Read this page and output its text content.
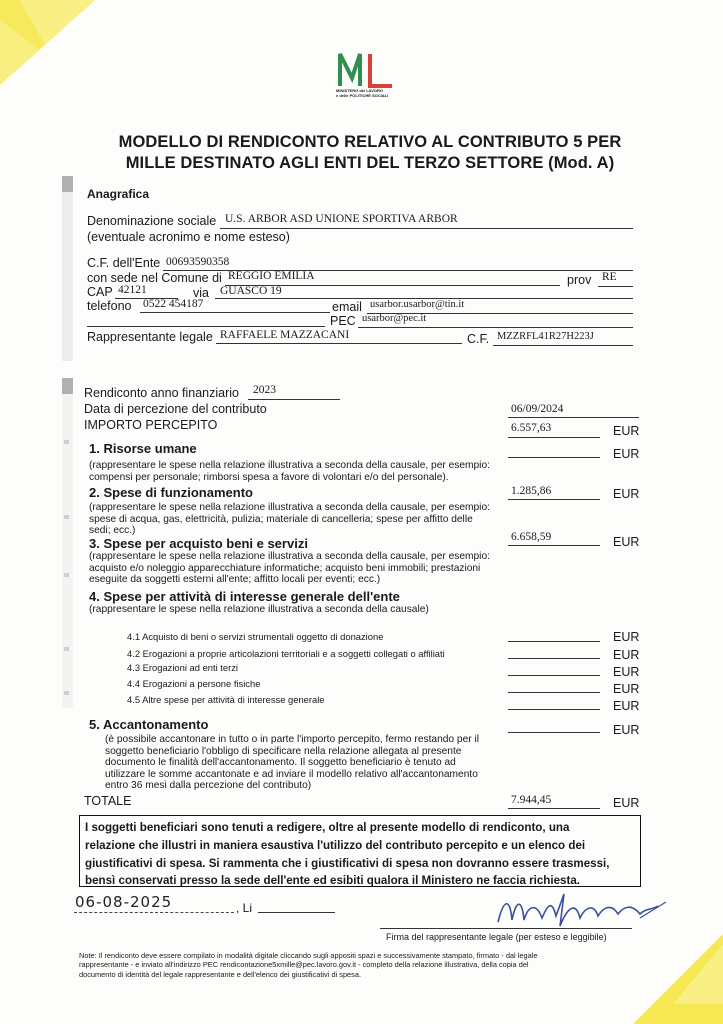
MINISTERO del LAVORO
e delle POLITICHE SOCIALI
MODELLO DI RENDICONTO RELATIVO AL CONTRIBUTO 5 PER
MILLE DESTINATO AGLI ENTI DEL TERZO SETTORE (Mod. A)
Anagrafica
Denominazione sociale U.S. ARBOR ASD UNIONE SPORTIVA ARBOR
(eventuale acronimo e nome esteso)
C.F. dell'Ente 00693590358
con sede nel Comune di REGGIO EMILIA	prov RE
CAP 42121	via GUASCO 19
telefono 0522 454187	email usarbor.usarbor@tin.it
PEC usarbor@pec.it
Rappresentante legale RAFFAELE MAZZACANI	C.F. MZZRFL41R27H223J
Rendiconto anno finanziario 2023
Data di percezione del contributo	06/09/2024
IMPORTO PERCEPITO	6.557,63	EUR
1. Risorse umane	EUR
(rappresentare le spese nella relazione illustrativa a seconda della causale, per esempio:
compensi per personale; rimborsi spesa a favore di volontari e/o del personale).
2. Spese di funzionamento	1.285,86	EUR
(rappresentare le spese nella relazione illustrativa a seconda della causale, per esempio:
spese di acqua, gas, elettricità, pulizia; materiale di cancelleria; spese per affitto delle
sedi; ecc.)
3. Spese per acquisto beni e servizi	6.658,59	EUR
(rappresentare le spese nella relazione illustrativa a seconda della causale, per esempio:
acquisto e/o noleggio apparecchiature informatiche; acquisto beni immobili; prestazioni
eseguite da soggetti esterni all'ente; affitto locali per eventi; ecc.)
4. Spese per attività di interesse generale dell'ente
(rappresentare le spese nella relazione illustrativa a seconda della causale)
4.1 Acquisto di beni o servizi strumentali oggetto di donazione	EUR
4.2 Erogazioni a proprie articolazioni territoriali e a soggetti collegati o affiliati	EUR
4.3 Erogazioni ad enti terzi	EUR
4.4 Erogazioni a persone fisiche	EUR
4.5 Altre spese per attività di interesse generale	EUR
5. Accantonamento	EUR
(è possibile accantonare in tutto o in parte l'importo percepito, fermo restando per il
soggetto beneficiario l'obbligo di specificare nella relazione allegata al presente
documento le finalità dell'accantonamento. Il soggetto beneficiario è tenuto ad
utilizzare le somme accantonate e ad inviare il modello relativo all'accantonamento
entro 36 mesi dalla percezione del contributo)
TOTALE	7.944,45	EUR
I soggetti beneficiari sono tenuti a redigere, oltre al presente modello di rendiconto, una
relazione che illustri in maniera esaustiva l'utilizzo del contributo percepito e un elenco dei
giustificativi di spesa. Si rammenta che i giustificativi di spesa non dovranno essere trasmessi,
bensì conservati presso la sede dell'ente ed esibiti qualora il Ministero ne faccia richiesta.
06-08-2025	, Li
Firma del rappresentante legale (per esteso e leggibile)
Note: Il rendiconto deve essere compilato in modalità digitale cliccando sugli appositi spazi e successivamente stampato, firmato - dal legale
rappresentante - e inviato all'indirizzo PEC rendicontazione5xmille@pec.lavoro.gov.it - completo della relazione illustrativa, della copia del
documento di identità del legale rappresentante e dell'elenco dei giustificativi di spesa.
